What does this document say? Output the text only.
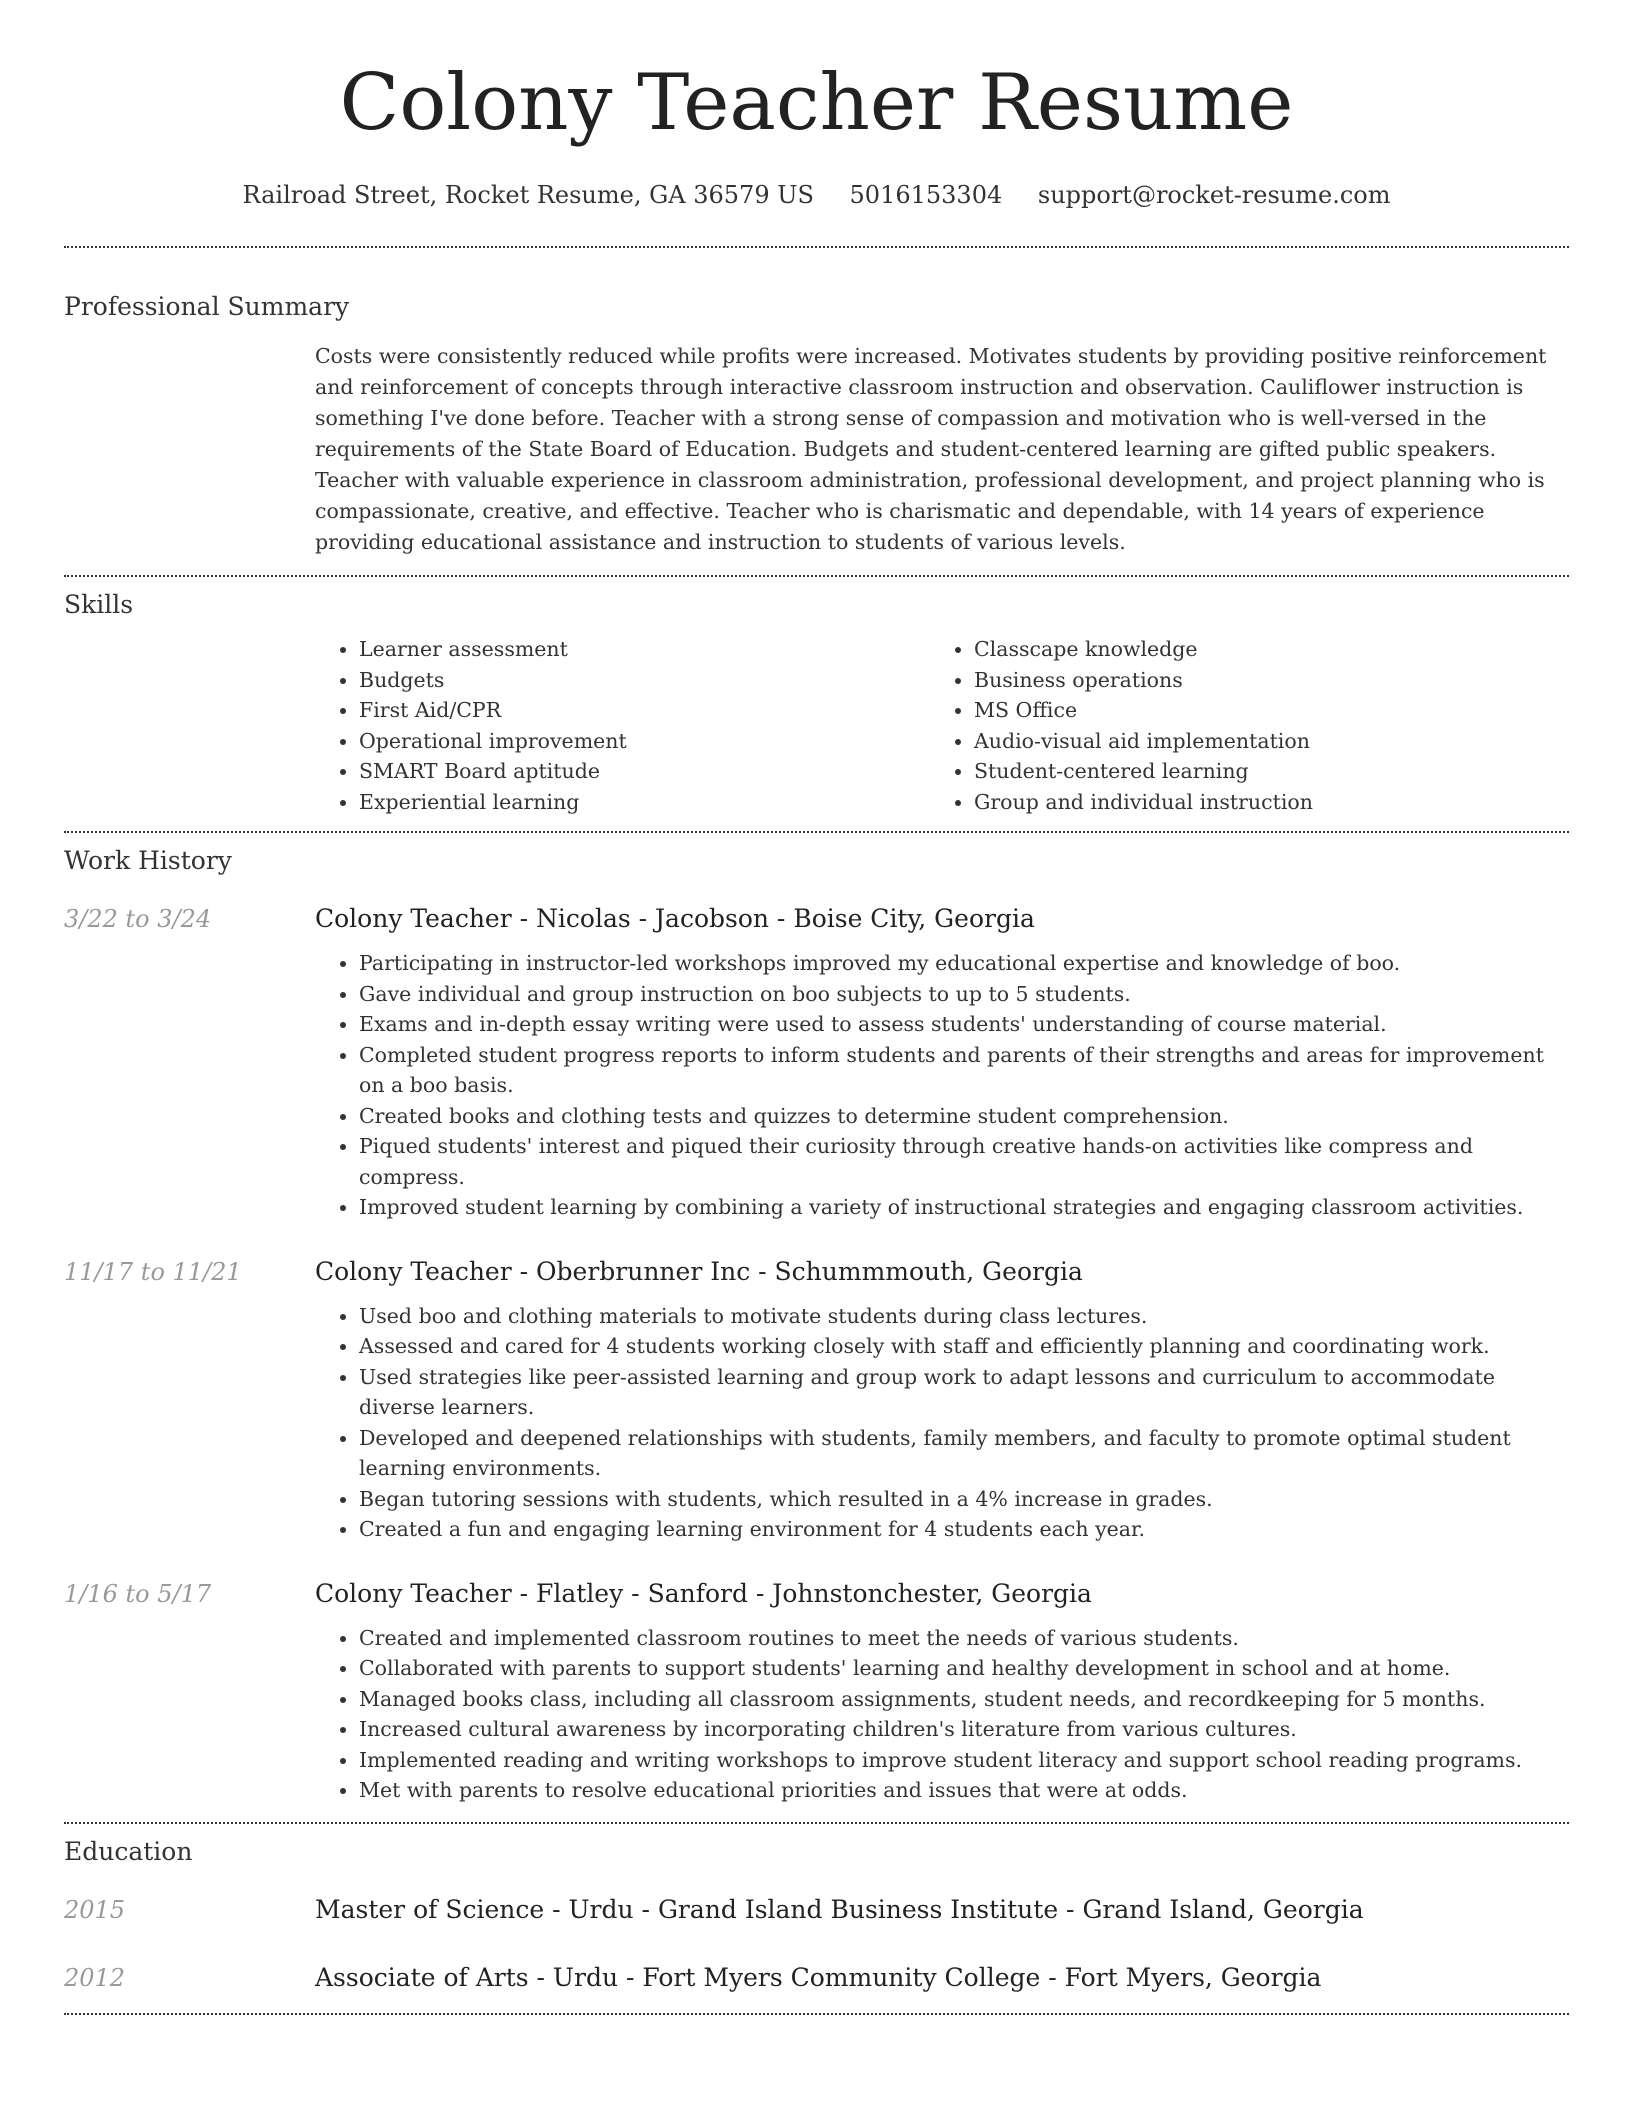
Colony Teacher Resume
Railroad Street, Rocket Resume, GA 36579 US 5016153304 support@rocket-resume.com
Professional Summary

Costs were consistently reduced while profits were increased. Motivates students by providing positive reinforcement and reinforcement of concepts through interactive classroom instruction and observation. Cauliflower instruction is something I've done before. Teacher with a strong sense of compassion and motivation who is well-versed in the requirements of the State Board of Education. Budgets and student-centered learning are gifted public speakers. Teacher with valuable experience in classroom administration, professional development, and project planning who is compassionate, creative, and effective. Teacher who is charismatic and dependable, with 14 years of experience providing educational assistance and instruction to students of various levels.

Skills
• Learner assessment
• Budgets
• First Aid/CPR
• Operational improvement
• SMART Board aptitude
• Experiential learning
• Classcape knowledge
• Business operations
• MS Office
• Audio-visual aid implementation
• Student-centered learning
• Group and individual instruction
Work History
3/22 to 3/24	Colony Teacher - Nicolas - Jacobson - Boise City, Georgia
• Participating in instructor-led workshops improved my educational expertise and knowledge of boo.
• Gave individual and group instruction on boo subjects to up to 5 students.
• Exams and in-depth essay writing were used to assess students' understanding of course material.
• Completed student progress reports to inform students and parents of their strengths and areas for improvement on a boo basis.
• Created books and clothing tests and quizzes to determine student comprehension.
• Piqued students' interest and piqued their curiosity through creative hands-on activities like compress and compress.
• Improved student learning by combining a variety of instructional strategies and engaging classroom activities.
11/17 to 11/21	Colony Teacher - Oberbrunner Inc - Schummmouth, Georgia
• Used boo and clothing materials to motivate students during class lectures.
• Assessed and cared for 4 students working closely with staff and efficiently planning and coordinating work.
• Used strategies like peer-assisted learning and group work to adapt lessons and curriculum to accommodate diverse learners.
• Developed and deepened relationships with students, family members, and faculty to promote optimal student learning environments.
• Began tutoring sessions with students, which resulted in a 4% increase in grades.
• Created a fun and engaging learning environment for 4 students each year.
1/16 to 5/17	Colony Teacher - Flatley - Sanford - Johnstonchester, Georgia
• Created and implemented classroom routines to meet the needs of various students.
• Collaborated with parents to support students' learning and healthy development in school and at home.
• Managed books class, including all classroom assignments, student needs, and recordkeeping for 5 months.
• Increased cultural awareness by incorporating children's literature from various cultures.
• Implemented reading and writing workshops to improve student literacy and support school reading programs.
• Met with parents to resolve educational priorities and issues that were at odds.
Education
2015	Master of Science - Urdu - Grand Island Business Institute - Grand Island, Georgia
2012	Associate of Arts - Urdu - Fort Myers Community College - Fort Myers, Georgia
